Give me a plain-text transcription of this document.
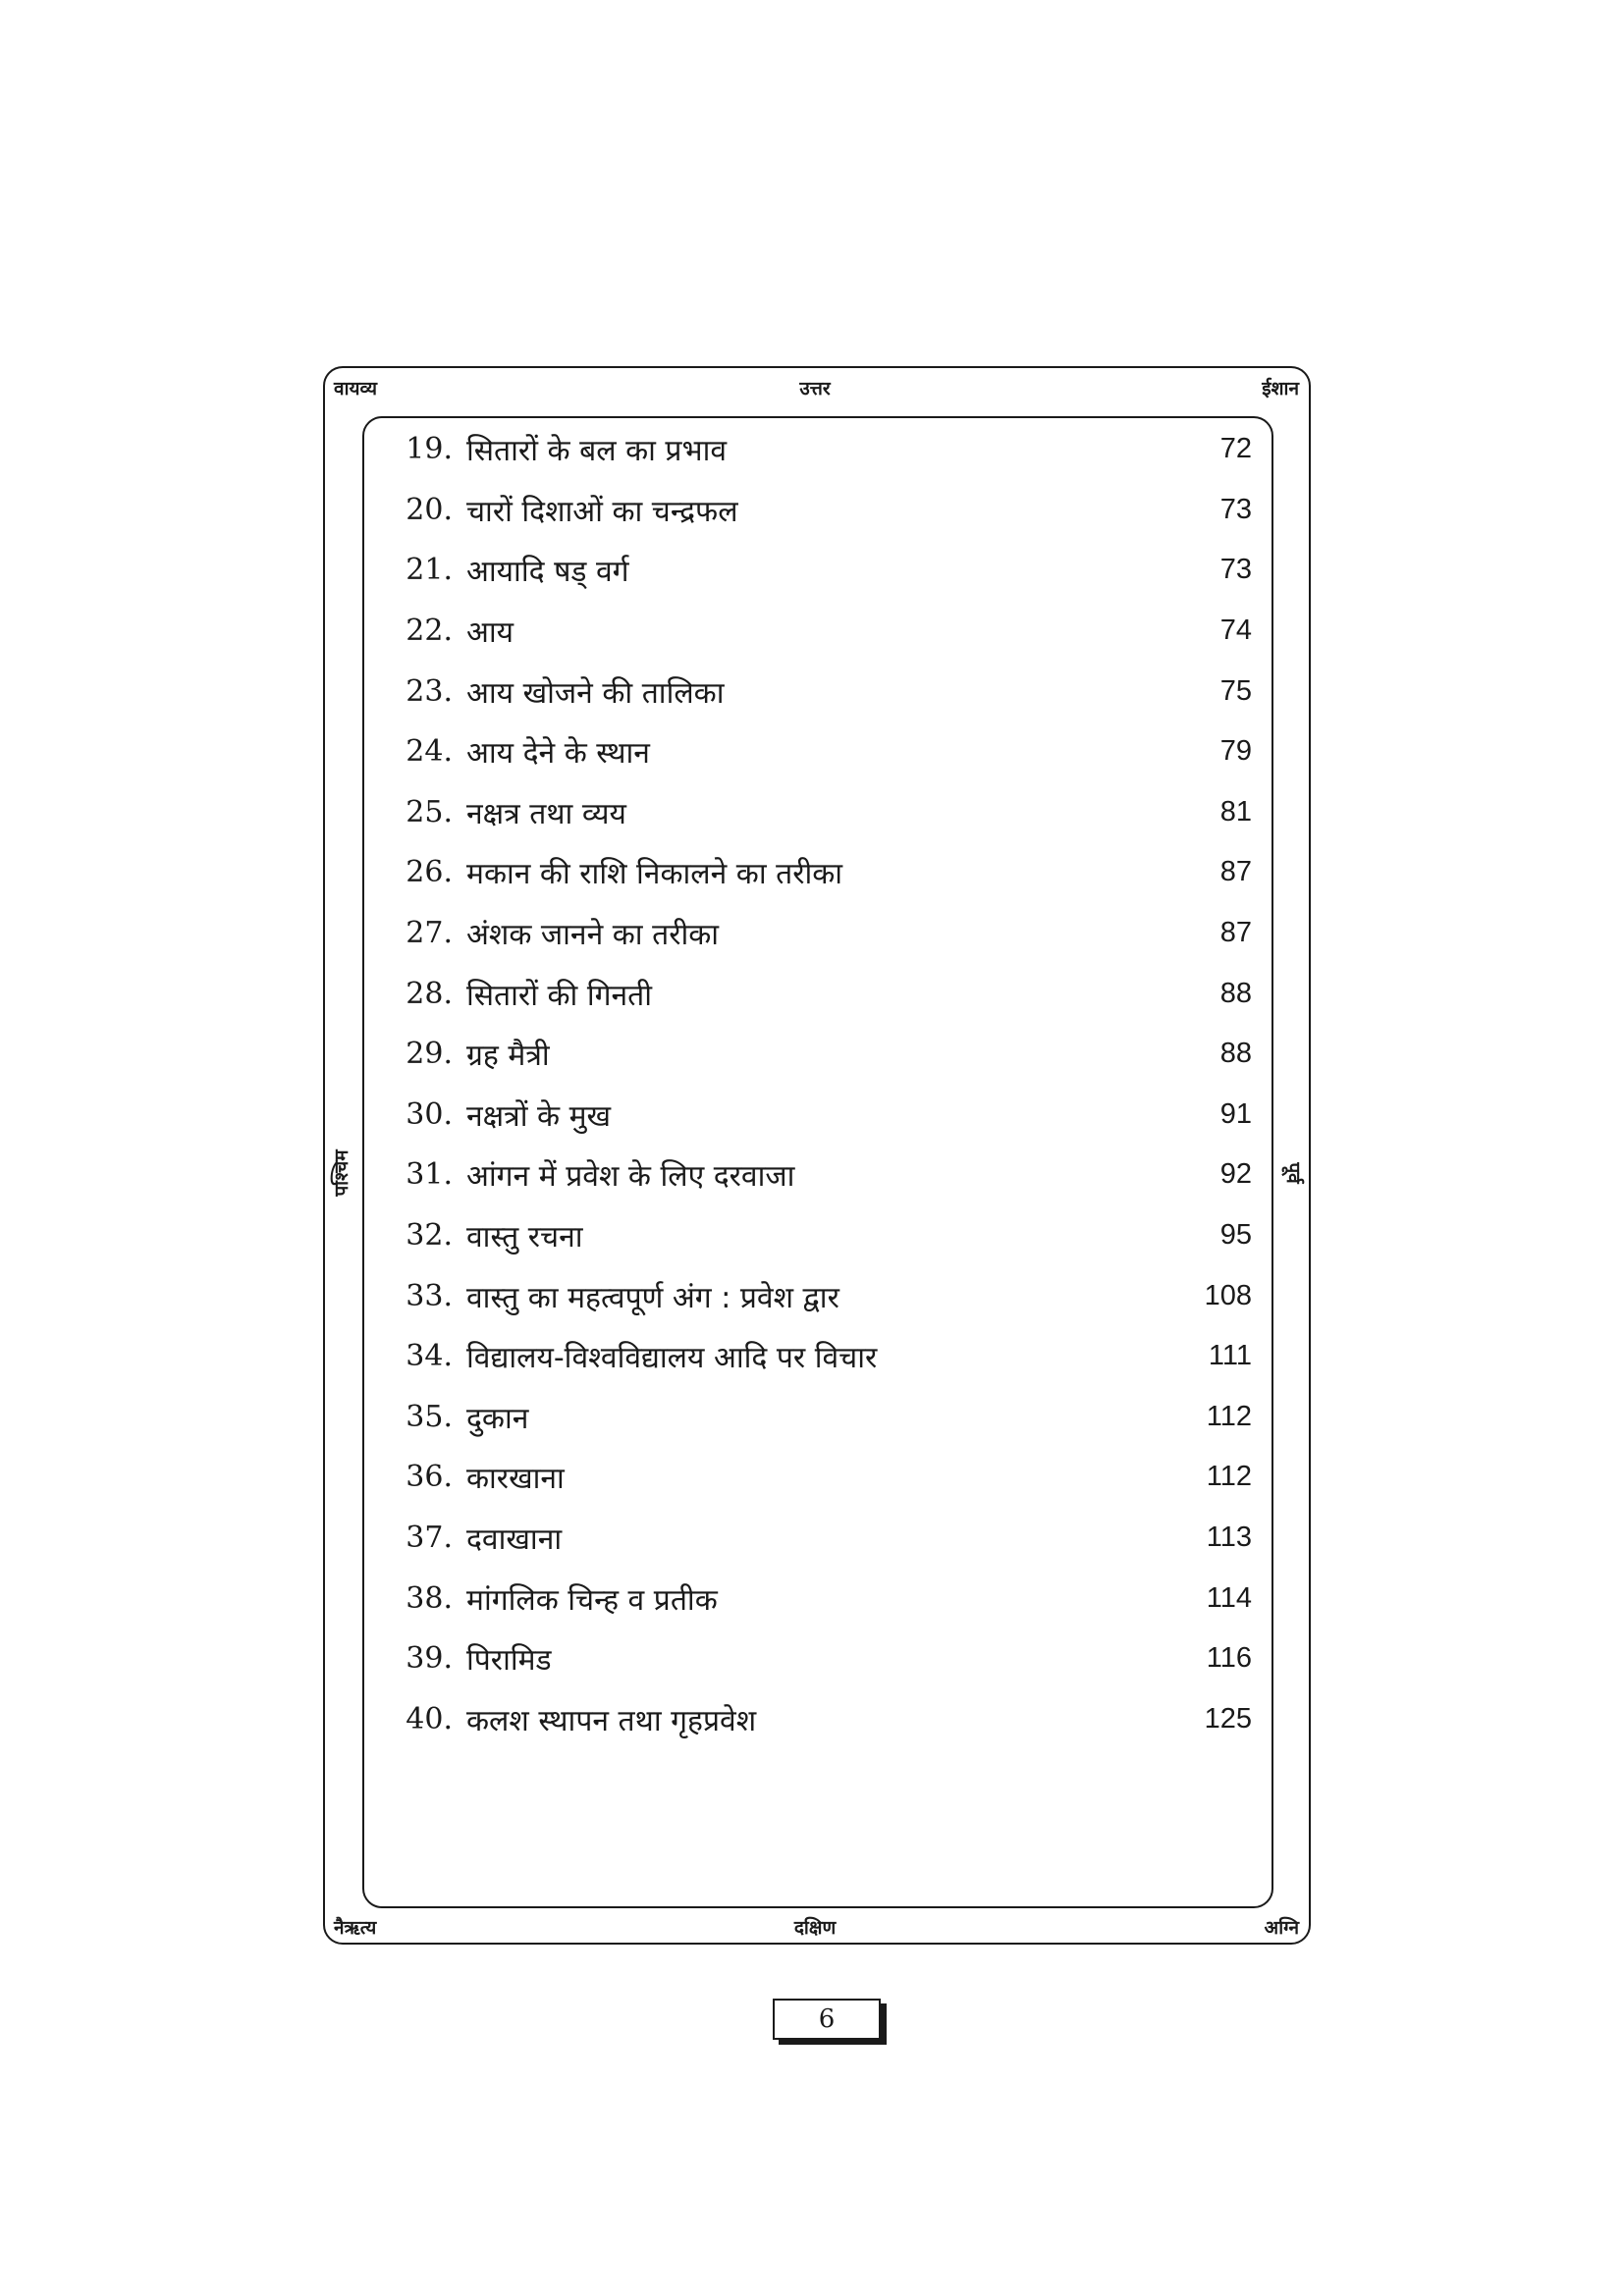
वायव्य	उत्तर	ईशान
पश्चिम	पूर्व
नैऋत्य	दक्षिण	अग्नि
19. सितारों के बल का प्रभाव	72
20. चारों दिशाओं का चन्द्रफल	73
21. आयादि षड् वर्ग	73
22. आय	74
23. आय खोजने की तालिका	75
24. आय देने के स्थान	79
25. नक्षत्र तथा व्यय	81
26. मकान की राशि निकालने का तरीका	87
27. अंशक जानने का तरीका	87
28. सितारों की गिनती	88
29. ग्रह मैत्री	88
30. नक्षत्रों के मुख	91
31. आंगन में प्रवेश के लिए दरवाजा	92
32. वास्तु रचना	95
33. वास्तु का महत्वपूर्ण अंग : प्रवेश द्वार	108
34. विद्यालय-विश्वविद्यालय आदि पर विचार	111
35. दुकान	112
36. कारखाना	112
37. दवाखाना	113
38. मांगलिक चिन्ह व प्रतीक	114
39. पिरामिड	116
40. कलश स्थापन तथा गृहप्रवेश	125
6
